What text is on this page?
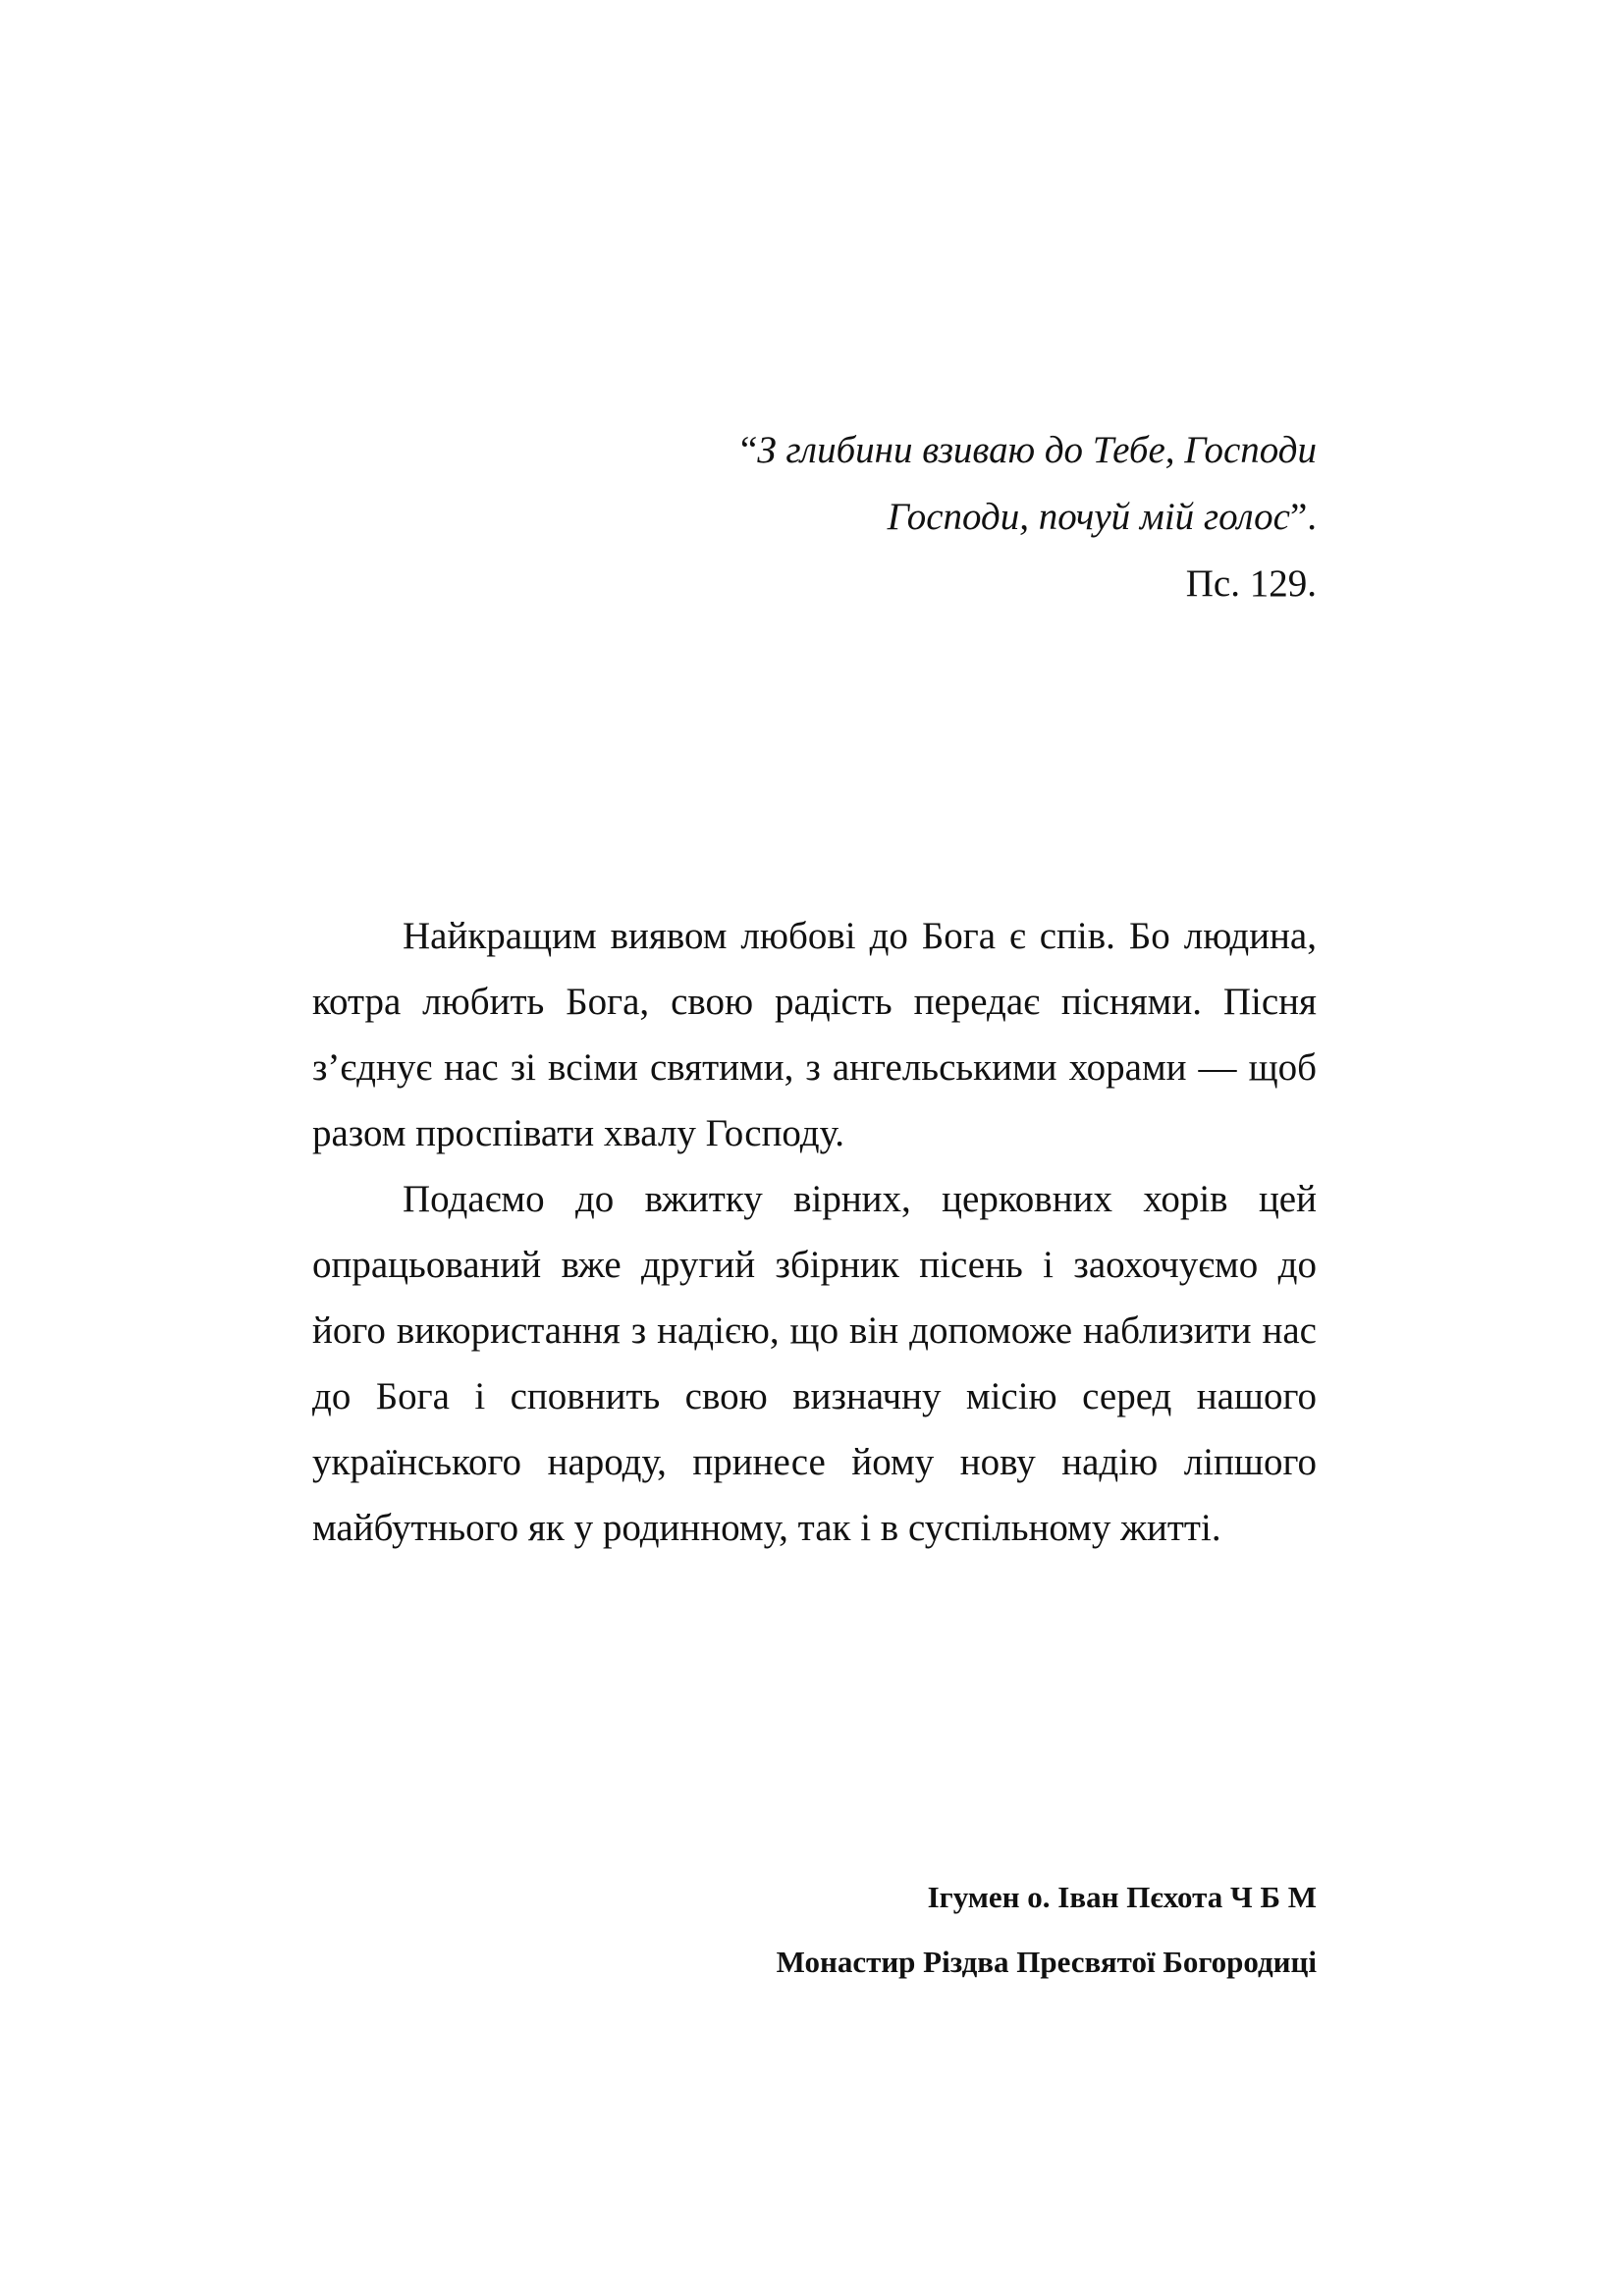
“З глибини взиваю до Тебе, Господи
Господи, почуй мій голос”.
Пс. 129.

Найкращим виявом любові до Бога є спів. Бо людина, котра любить Бога, свою радість передає піснями. Пісня з’єднує нас зі всіми святими, з ангельськими хорами — щоб разом проспівати хвалу Господу.

Подаємо до вжитку вірних, церковних хорів цей опрацьований вже другий збірник пісень і заохочуємо до його використання з надією, що він допоможе наблизити нас до Бога і сповнить свою визначну місію серед нашого українського народу, принесе йому нову надію ліпшого майбутнього як у родинному, так і в суспільному житті.

Ігумен о. Іван Пєхота Ч Б М
Монастир Різдва Пресвятої Богородиці
